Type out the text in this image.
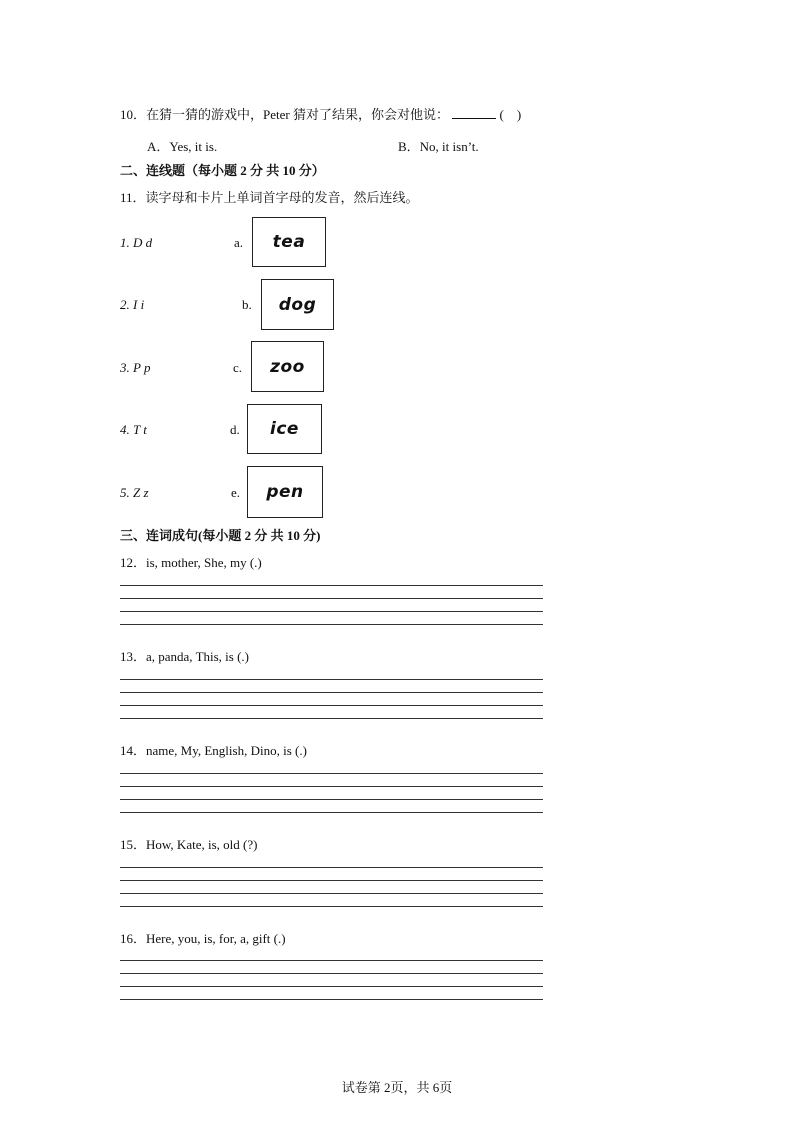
10．在猜一猜的游戏中，Peter 猜对了结果，你会对他说：	(　)
A．Yes, it is.	B．No, it isn’t.
二、连线题（每小题 2 分 共 10 分）
11．读字母和卡片上单词首字母的发音，然后连线。
1. D d
2. I i
3. P p
4. T t
5. Z z
a.
b.
c.
d.
e.
tea
dog
zoo
ice
pen
三、连词成句(每小题 2 分 共 10 分)
12．is, mother, She, my (.)
13．a, panda, This, is (.)
14．name, My, English, Dino, is (.)
15．How, Kate, is, old (?)
16．Here, you, is, for, a, gift (.)
试卷第 2页，共 6页
